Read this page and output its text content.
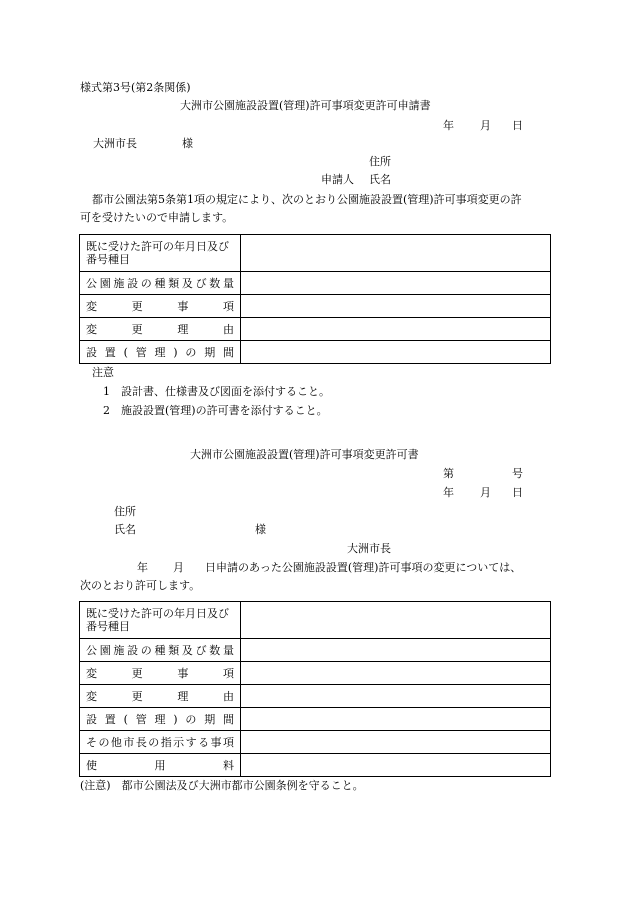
様式第3号(第2条関係)
大洲市公園施設設置(管理)許可事項変更許可申請書
年 月 日
大洲市長	様
住所
申請人 氏名
都市公園法第5条第1項の規定により、次のとおり公園施設設置(管理)許可事項変更の許
可を受けたいので申請します。
既に受けた許可の年月日及び番号種目	
公園施設の種類及び数量	
変更事項	
変更理由	
設置(管理)の期間	
注意
1　設計書、仕様書及び図面を添付すること。
2　施設設置(管理)の許可書を添付すること。
大洲市公園施設設置(管理)許可事項変更許可書
第	号
年 月 日
住所
氏名	様
大洲市長
年 月 日申請のあった公園施設設置(管理)許可事項の変更については、
次のとおり許可します。
既に受けた許可の年月日及び番号種目	
公園施設の種類及び数量	
変更事項	
変更理由	
設置(管理)の期間	
その他市長の指示する事項	
使用料	
(注意)　都市公園法及び大洲市都市公園条例を守ること。
